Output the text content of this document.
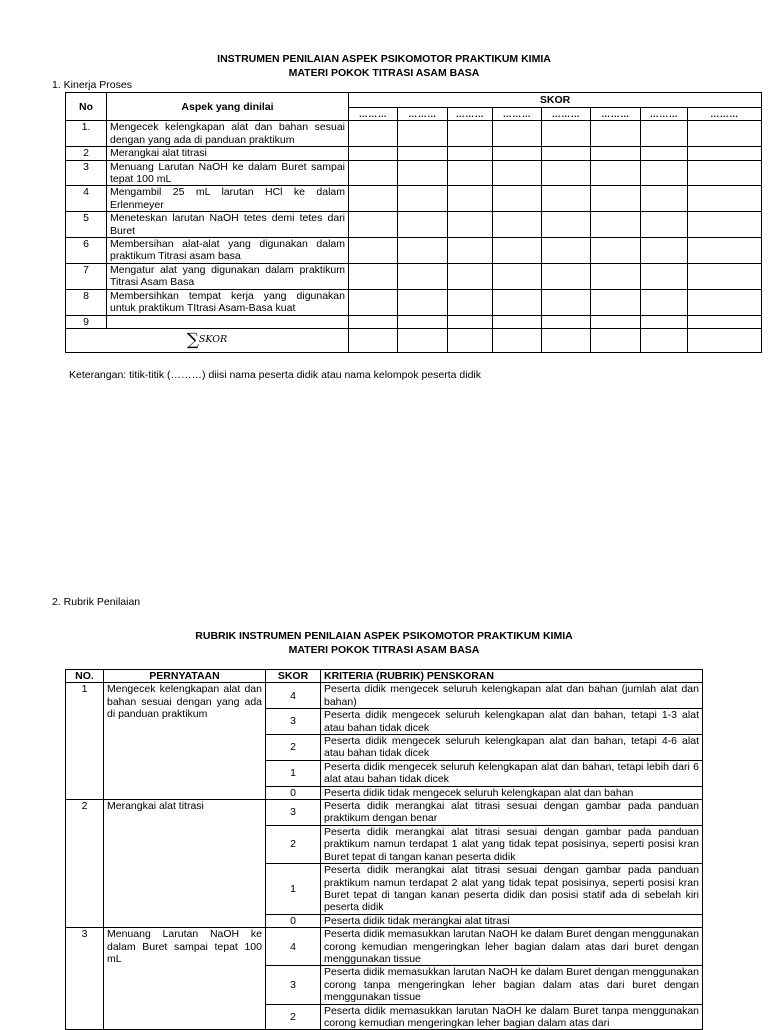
INSTRUMEN PENILAIAN ASPEK PSIKOMOTOR PRAKTIKUM KIMIA
MATERI POKOK TITRASI ASAM BASA
1. Kinerja Proses
No	Aspek yang dinilai	SKOR							
		………	………	………	………	………	………	………	………
1.	Mengecek kelengkapan alat dan bahan sesuai dengan yang ada di panduan praktikum								
2	Merangkai alat titrasi								
3	Menuang Larutan NaOH ke dalam Buret sampai tepat 100 mL								
4	Mengambil 25 mL larutan HCl ke dalam Erlenmeyer								
5	Meneteskan larutan NaOH tetes demi tetes dari Buret								
6	Membersihan alat-alat yang digunakan dalam praktikum Titrasi asam basa								
7	Mengatur alat yang digunakan dalam praktikum Titrasi Asam Basa								
8	Membersihkan tempat kerja yang digunakan untuk praktikum TItrasi Asam-Basa kuat								
9									
∑SKOR									
Keterangan: titik-titik (………) diisi nama peserta didik atau nama kelompok peserta didik
2. Rubrik Penilaian
RUBRIK INSTRUMEN PENILAIAN ASPEK PSIKOMOTOR PRAKTIKUM KIMIA
MATERI POKOK TITRASI ASAM BASA
NO.	PERNYATAAN	SKOR	KRITERIA (RUBRIK) PENSKORAN
1	Mengecek kelengkapan alat dan bahan sesuai dengan yang ada di panduan praktikum	4	Peserta didik mengecek seluruh kelengkapan alat dan bahan (jumlah alat dan bahan)
		3	Peserta didik mengecek seluruh kelengkapan alat dan bahan, tetapi 1-3 alat atau bahan tidak dicek
		2	Peserta didik mengecek seluruh kelengkapan alat dan bahan, tetapi 4-6 alat atau bahan tidak dicek
		1	Peserta didik mengecek seluruh kelengkapan alat dan bahan, tetapi lebih dari 6 alat atau bahan tidak dicek
		0	Peserta didik tidak mengecek seluruh kelengkapan alat dan bahan
2	Merangkai alat titrasi	3	Peserta didik merangkai alat titrasi sesuai dengan gambar pada panduan praktikum dengan benar
		2	Peserta didik merangkai alat titrasi sesuai dengan gambar pada panduan praktikum namun terdapat 1 alat yang tidak tepat posisinya, seperti posisi kran Buret tepat di tangan kanan peserta didik
		1	Peserta didik merangkai alat titrasi sesuai dengan gambar pada panduan praktikum namun terdapat 2 alat yang tidak tepat posisinya, seperti posisi kran Buret tepat di tangan kanan peserta didik dan posisi statif ada di sebelah kiri peserta didik
		0	Peserta didik tidak merangkai alat titrasi
3	Menuang Larutan NaOH ke dalam Buret sampai tepat 100 mL	4	Peserta didik memasukkan larutan NaOH ke dalam Buret dengan menggunakan corong kemudian mengeringkan leher bagian dalam atas dari buret dengan menggunakan tissue
		3	Peserta didik memasukkan larutan NaOH ke dalam Buret dengan menggunakan corong tanpa mengeringkan leher bagian dalam atas dari buret dengan menggunakan tissue
		2	Peserta didik memasukkan larutan NaOH ke dalam Buret tanpa menggunakan corong kemudian mengeringkan leher bagian dalam atas dari
